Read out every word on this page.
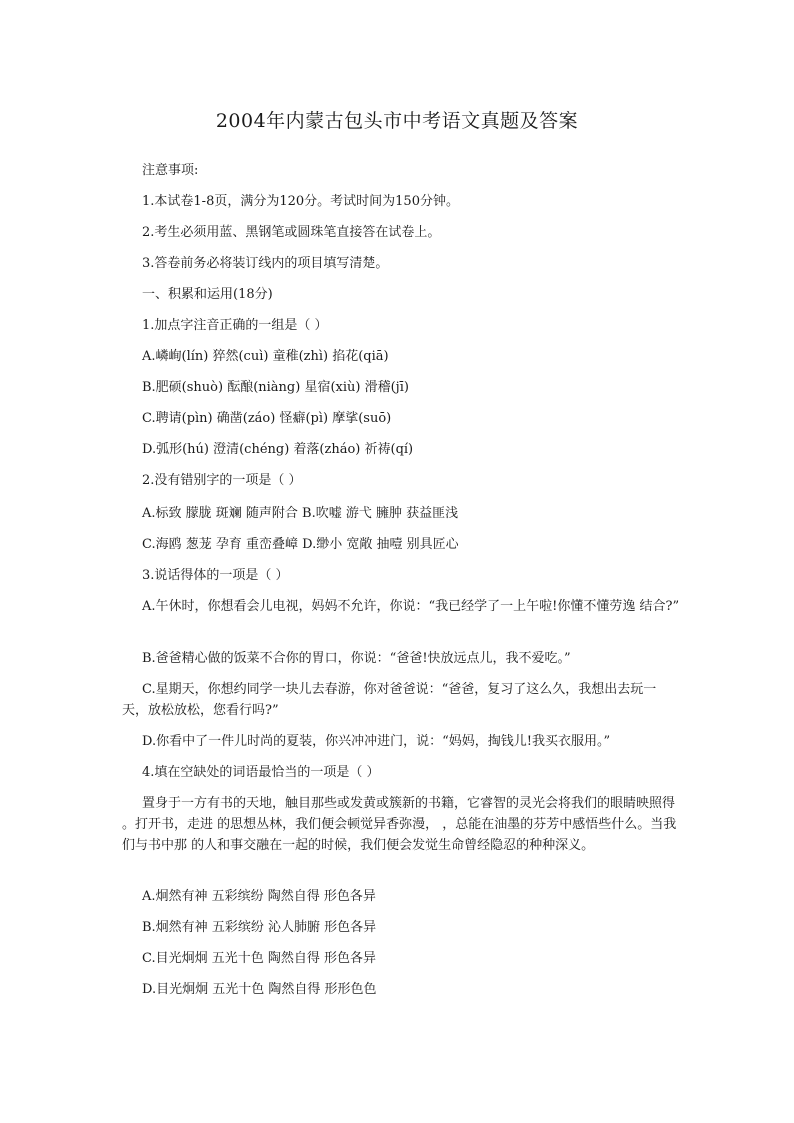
2004年内蒙古包头市中考语文真题及答案
注意事项:
1.本试卷1-8页，满分为120分。考试时间为150分钟。
2.考生必须用蓝、黑钢笔或圆珠笔直接答在试卷上。
3.答卷前务必将装订线内的项目填写清楚。
一、积累和运用(18分)
1.加点字注音正确的一组是（ ）
A.嶙峋(lín) 猝然(cuì) 童稚(zhì) 掐花(qiā)
B.肥硕(shuò) 酝酿(niàng) 星宿(xiù) 滑稽(jī)
C.聘请(pìn) 确凿(záo) 怪癖(pì) 摩挲(suō)
D.弧形(hú) 澄清(chéng) 着落(zháo) 祈祷(qí)
2.没有错别字的一项是（ ）
A.标致 朦胧 斑斓 随声附合 B.吹嘘 游弋 臃肿 获益匪浅
C.海鸥 葱茏 孕育 重峦叠嶂 D.缈小 宽敞 抽噎 别具匠心
3.说话得体的一项是（ ）
A.午休时，你想看会儿电视，妈妈不允许，你说：“我已经学了一上午啦!你懂不懂劳逸 结合?”
B.爸爸精心做的饭菜不合你的胃口，你说：“爸爸!快放远点儿，我不爱吃。”
C.星期天，你想约同学一块儿去春游，你对爸爸说：“爸爸，复习了这么久，我想出去玩一天，放松放松，您看行吗?”
D.你看中了一件儿时尚的夏装，你兴冲冲进门，说：“妈妈，掏钱儿!我买衣服用。”
4.填在空缺处的词语最恰当的一项是（ ）
置身于一方有书的天地，触目那些或发黄或簇新的书籍，它睿智的灵光会将我们的眼睛映照得 。打开书，走进 的思想丛林，我们便会顿觉异香弥漫， ，总能在油墨的芬芳中感悟些什么。当我们与书中那 的人和事交融在一起的时候，我们便会发觉生命曾经隐忍的种种深义。
A.炯然有神 五彩缤纷 陶然自得 形色各异
B.炯然有神 五彩缤纷 沁人肺腑 形色各异
C.目光炯炯 五光十色 陶然自得 形色各异
D.目光炯炯 五光十色 陶然自得 形形色色
